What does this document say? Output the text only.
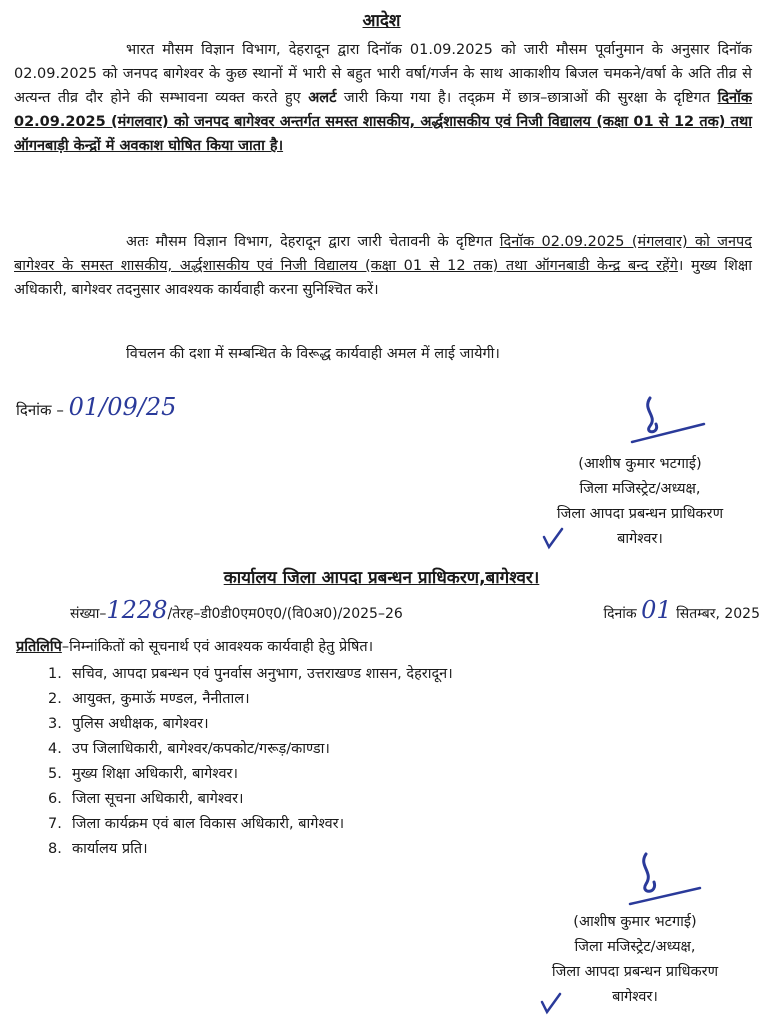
आदेश
भारत मौसम विज्ञान विभाग, देहरादून द्वारा दिनॉक 01.09.2025 को जारी मौसम पूर्वानुमान के अनुसार दिनॉक 02.09.2025 को जनपद बागेश्वर के कुछ स्थानों में भारी से बहुत भारी वर्षा/गर्जन के साथ आकाशीय बिजल चमकने/वर्षा के अति तीव्र से अत्यन्त तीव्र दौर होने की सम्भावना व्यक्त करते हुए अलर्ट जारी किया गया है। तद्क्रम में छात्र–छात्राओं की सुरक्षा के दृष्टिगत दिनॉक 02.09.2025 (मंगलवार) को जनपद बागेश्वर अन्तर्गत समस्त शासकीय, अर्द्धशासकीय एवं निजी विद्यालय (कक्षा 01 से 12 तक) तथा ऑगनबाड़ी केन्द्रों में अवकाश घोषित किया जाता है।
अतः मौसम विज्ञान विभाग, देहरादून द्वारा जारी चेतावनी के दृष्टिगत दिनॉक 02.09.2025 (मंगलवार) को जनपद बागेश्वर के समस्त शासकीय, अर्द्धशासकीय एवं निजी विद्यालय (कक्षा 01 से 12 तक) तथा ऑगनबाडी केन्द्र बन्द रहेंगे। मुख्य शिक्षा अधिकारी, बागेश्वर तदनुसार आवश्यक कार्यवाही करना सुनिश्चित करें।
विचलन की दशा में सम्बन्धित के विरूद्ध कार्यवाही अमल में लाई जायेगी।
दिनांक – 01/09/25
(आशीष कुमार भटगाई)
जिला मजिस्ट्रेट/अध्यक्ष,
जिला आपदा प्रबन्धन प्राधिकरण
बागेश्वर।
कार्यालय जिला आपदा प्रबन्धन प्राधिकरण,बागेश्वर।
संख्या–1228/तेरह–डी0डी0एम0ए0/(वि0अ0)/2025–26	दिनांक 01 सितम्बर, 2025
प्रतिलिपि–निम्नांकितों को सूचनार्थ एवं आवश्यक कार्यवाही हेतु प्रेषित।
1. सचिव, आपदा प्रबन्धन एवं पुनर्वास अनुभाग, उत्तराखण्ड शासन, देहरादून।
2. आयुक्त, कुमाऊॅ मण्डल, नैनीताल।
3. पुलिस अधीक्षक, बागेश्वर।
4. उप जिलाधिकारी, बागेश्वर/कपकोट/गरूड़/काण्डा।
5. मुख्य शिक्षा अधिकारी, बागेश्वर।
6. जिला सूचना अधिकारी, बागेश्वर।
7. जिला कार्यक्रम एवं बाल विकास अधिकारी, बागेश्वर।
8. कार्यालय प्रति।
(आशीष कुमार भटगाई)
जिला मजिस्ट्रेट/अध्यक्ष,
जिला आपदा प्रबन्धन प्राधिकरण
बागेश्वर।
